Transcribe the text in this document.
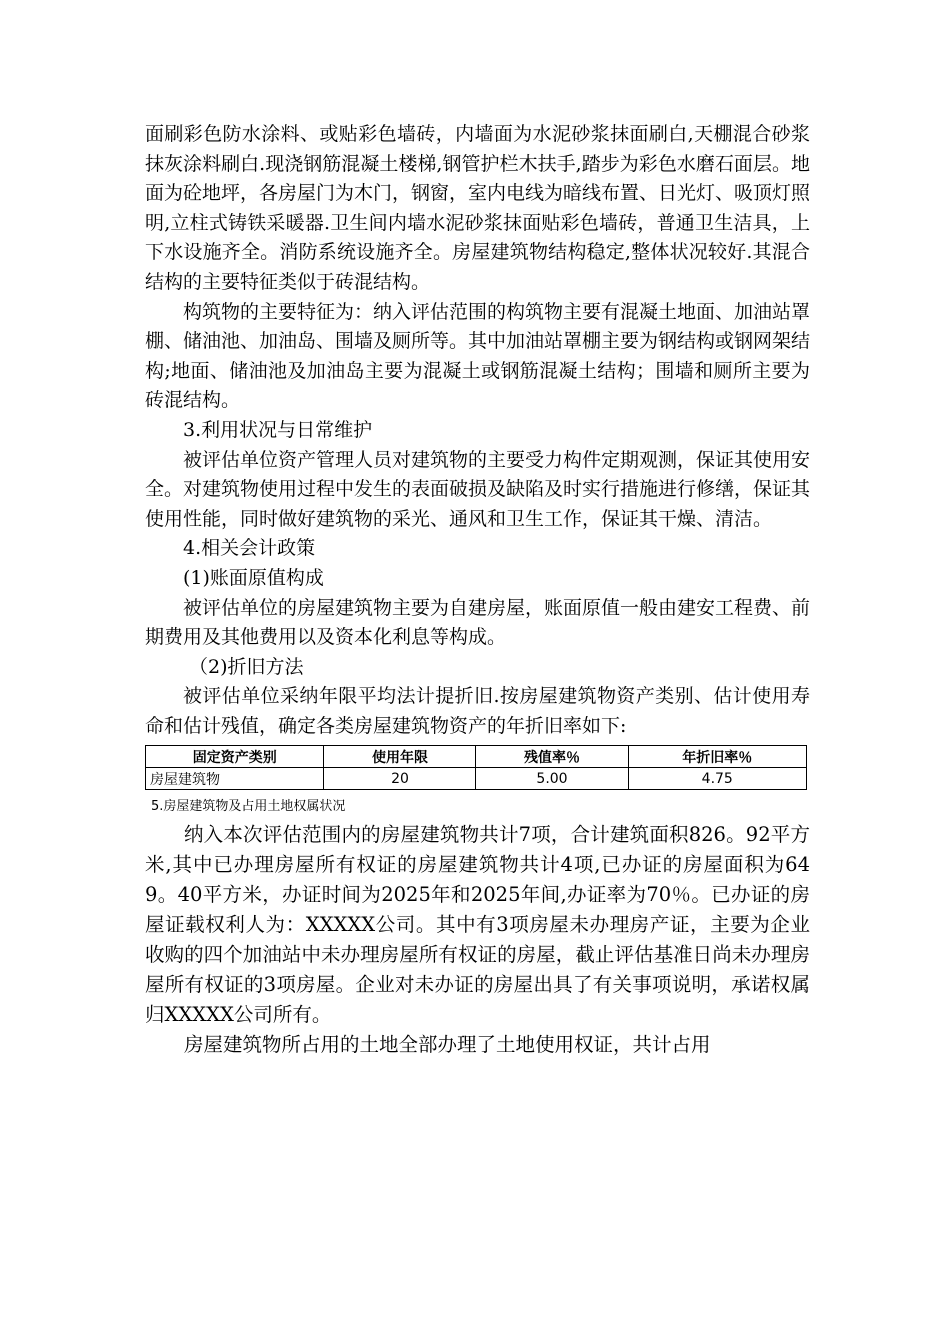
面刷彩色防水涂料、或贴彩色墙砖，内墙面为水泥砂浆抹面刷白,天棚混合砂浆抹灰涂料刷白.现浇钢筋混凝土楼梯,钢管护栏木扶手,踏步为彩色水磨石面层。地面为砼地坪，各房屋门为木门，钢窗，室内电线为暗线布置、日光灯、吸顶灯照明,立柱式铸铁采暖器.卫生间内墙水泥砂浆抹面贴彩色墙砖，普通卫生洁具，上下水设施齐全。消防系统设施齐全。房屋建筑物结构稳定,整体状况较好.其混合结构的主要特征类似于砖混结构。

构筑物的主要特征为：纳入评估范围的构筑物主要有混凝土地面、加油站罩棚、储油池、加油岛、围墙及厕所等。其中加油站罩棚主要为钢结构或钢网架结构;地面、储油池及加油岛主要为混凝土或钢筋混凝土结构；围墙和厕所主要为砖混结构。

3.利用状况与日常维护

被评估单位资产管理人员对建筑物的主要受力构件定期观测，保证其使用安全。对建筑物使用过程中发生的表面破损及缺陷及时实行措施进行修缮，保证其使用性能，同时做好建筑物的采光、通风和卫生工作，保证其干燥、清洁。

4.相关会计政策

(1)账面原值构成

被评估单位的房屋建筑物主要为自建房屋，账面原值一般由建安工程费、前期费用及其他费用以及资本化利息等构成。

（2)折旧方法

被评估单位采纳年限平均法计提折旧.按房屋建筑物资产类别、估计使用寿命和估计残值，确定各类房屋建筑物资产的年折旧率如下:

固定资产类别	使用年限	残值率％	年折旧率％
房屋建筑物	20	5.00	4.75

5.房屋建筑物及占用土地权属状况

纳入本次评估范围内的房屋建筑物共计7项，合计建筑面积826。92平方米,其中已办理房屋所有权证的房屋建筑物共计4项,已办证的房屋面积为649。40平方米，办证时间为2025年和2025年间,办证率为70％。已办证的房屋证载权利人为：XXXXX公司。其中有3项房屋未办理房产证，主要为企业收购的四个加油站中未办理房屋所有权证的房屋，截止评估基准日尚未办理房屋所有权证的3项房屋。企业对未办证的房屋出具了有关事项说明，承诺权属归XXXXX公司所有。

房屋建筑物所占用的土地全部办理了土地使用权证，共计占用
